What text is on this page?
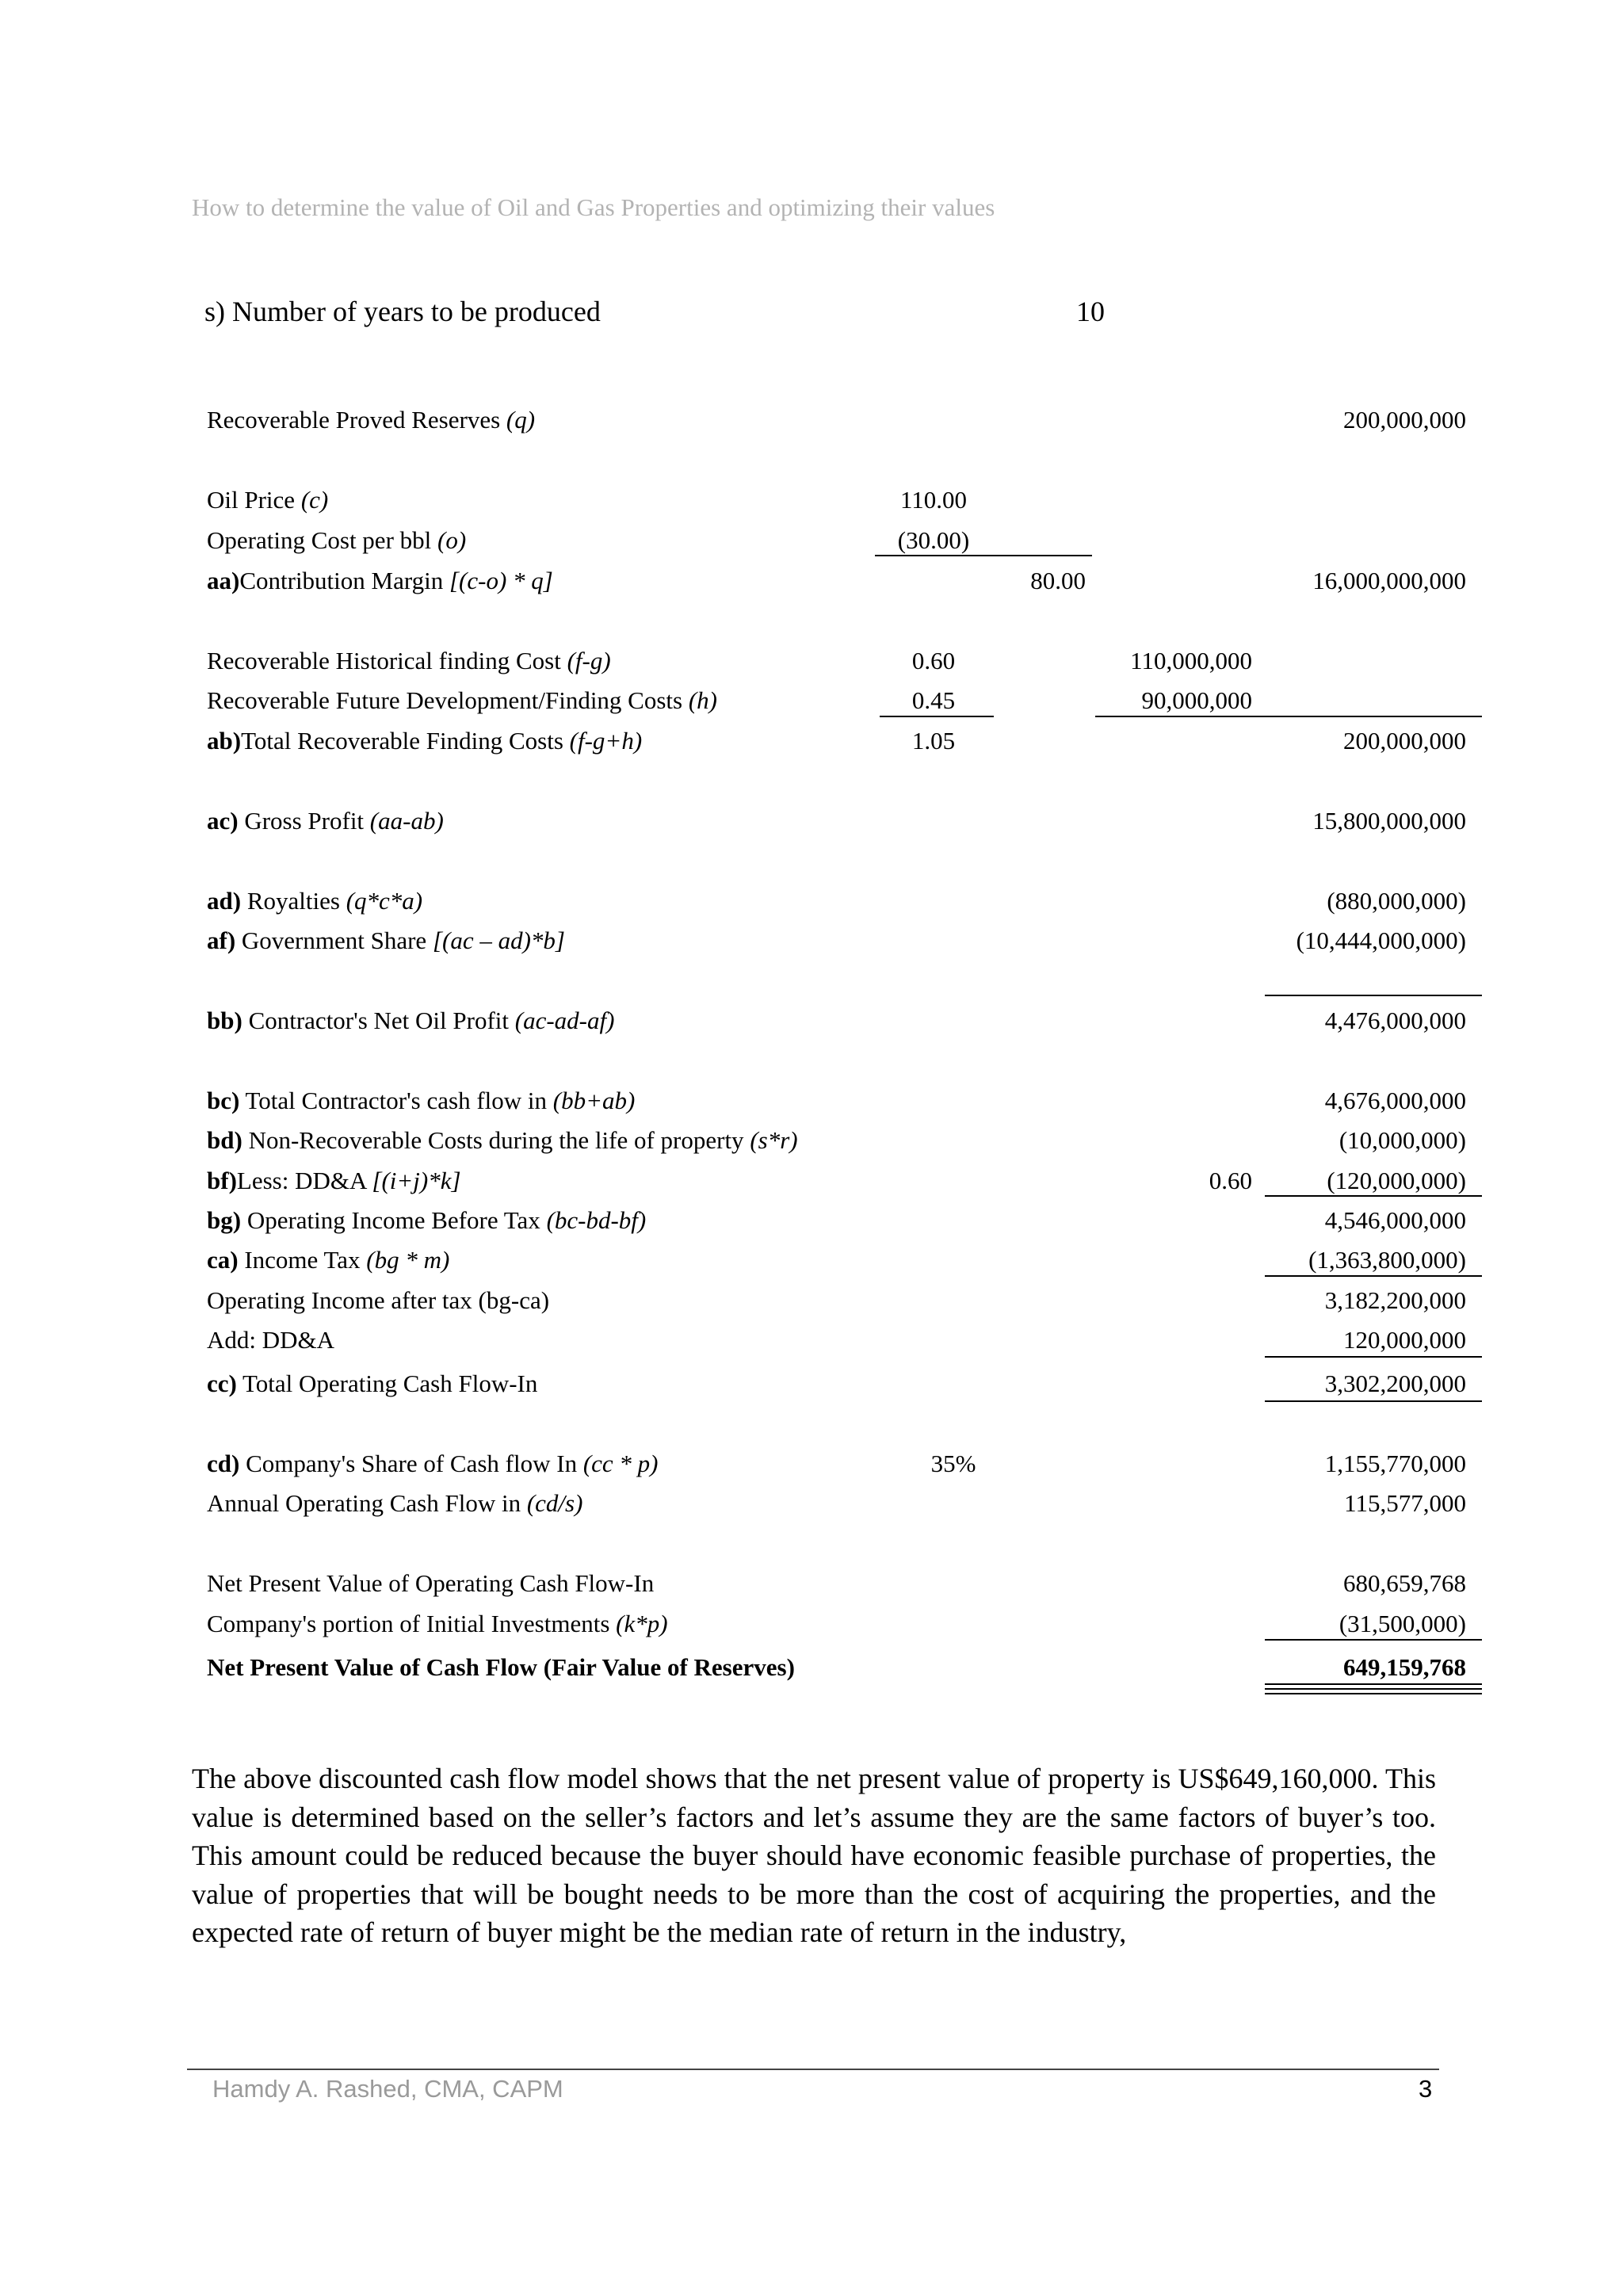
How to determine the value of Oil and Gas Properties and optimizing their values
s) Number of years to be produced	10
Recoverable Proved Reserves (q)	200,000,000
Oil Price (c)	110.00
Operating Cost per bbl (o)	(30.00)
aa)Contribution Margin [(c-o) * q]	80.00	16,000,000,000
Recoverable Historical finding Cost (f-g)	0.60	110,000,000
Recoverable Future Development/Finding Costs (h)	0.45	90,000,000
ab)Total Recoverable Finding Costs (f-g+h)	1.05	200,000,000
ac) Gross Profit (aa-ab)	15,800,000,000
ad) Royalties (q*c*a)	(880,000,000)
af) Government Share [(ac – ad)*b]	(10,444,000,000)
bb) Contractor's Net Oil Profit (ac-ad-af)	4,476,000,000
bc) Total Contractor's cash flow in (bb+ab)	4,676,000,000
bd) Non-Recoverable Costs during the life of property (s*r)	(10,000,000)
bf)Less: DD&A [(i+j)*k]	0.60	(120,000,000)
bg) Operating Income Before Tax (bc-bd-bf)	4,546,000,000
ca) Income Tax (bg * m)	(1,363,800,000)
Operating Income after tax (bg-ca)	3,182,200,000
Add: DD&A	120,000,000
cc) Total Operating Cash Flow-In	3,302,200,000
cd) Company's Share of Cash flow In (cc * p)	35%	1,155,770,000
Annual Operating Cash Flow in (cd/s)	115,577,000
Net Present Value of Operating Cash Flow-In	680,659,768
Company's portion of Initial Investments (k*p)	(31,500,000)
Net Present Value of Cash Flow (Fair Value of Reserves)	649,159,768
The above discounted cash flow model shows that the net present value of property is US$649,160,000. This value is determined based on the seller’s factors and let’s assume they are the same factors of buyer’s too. This amount could be reduced because the buyer should have economic feasible purchase of properties, the value of properties that will be bought needs to be more than the cost of acquiring the properties, and the expected rate of return of buyer might be the median rate of return in the industry,
Hamdy A. Rashed, CMA, CAPM	3
